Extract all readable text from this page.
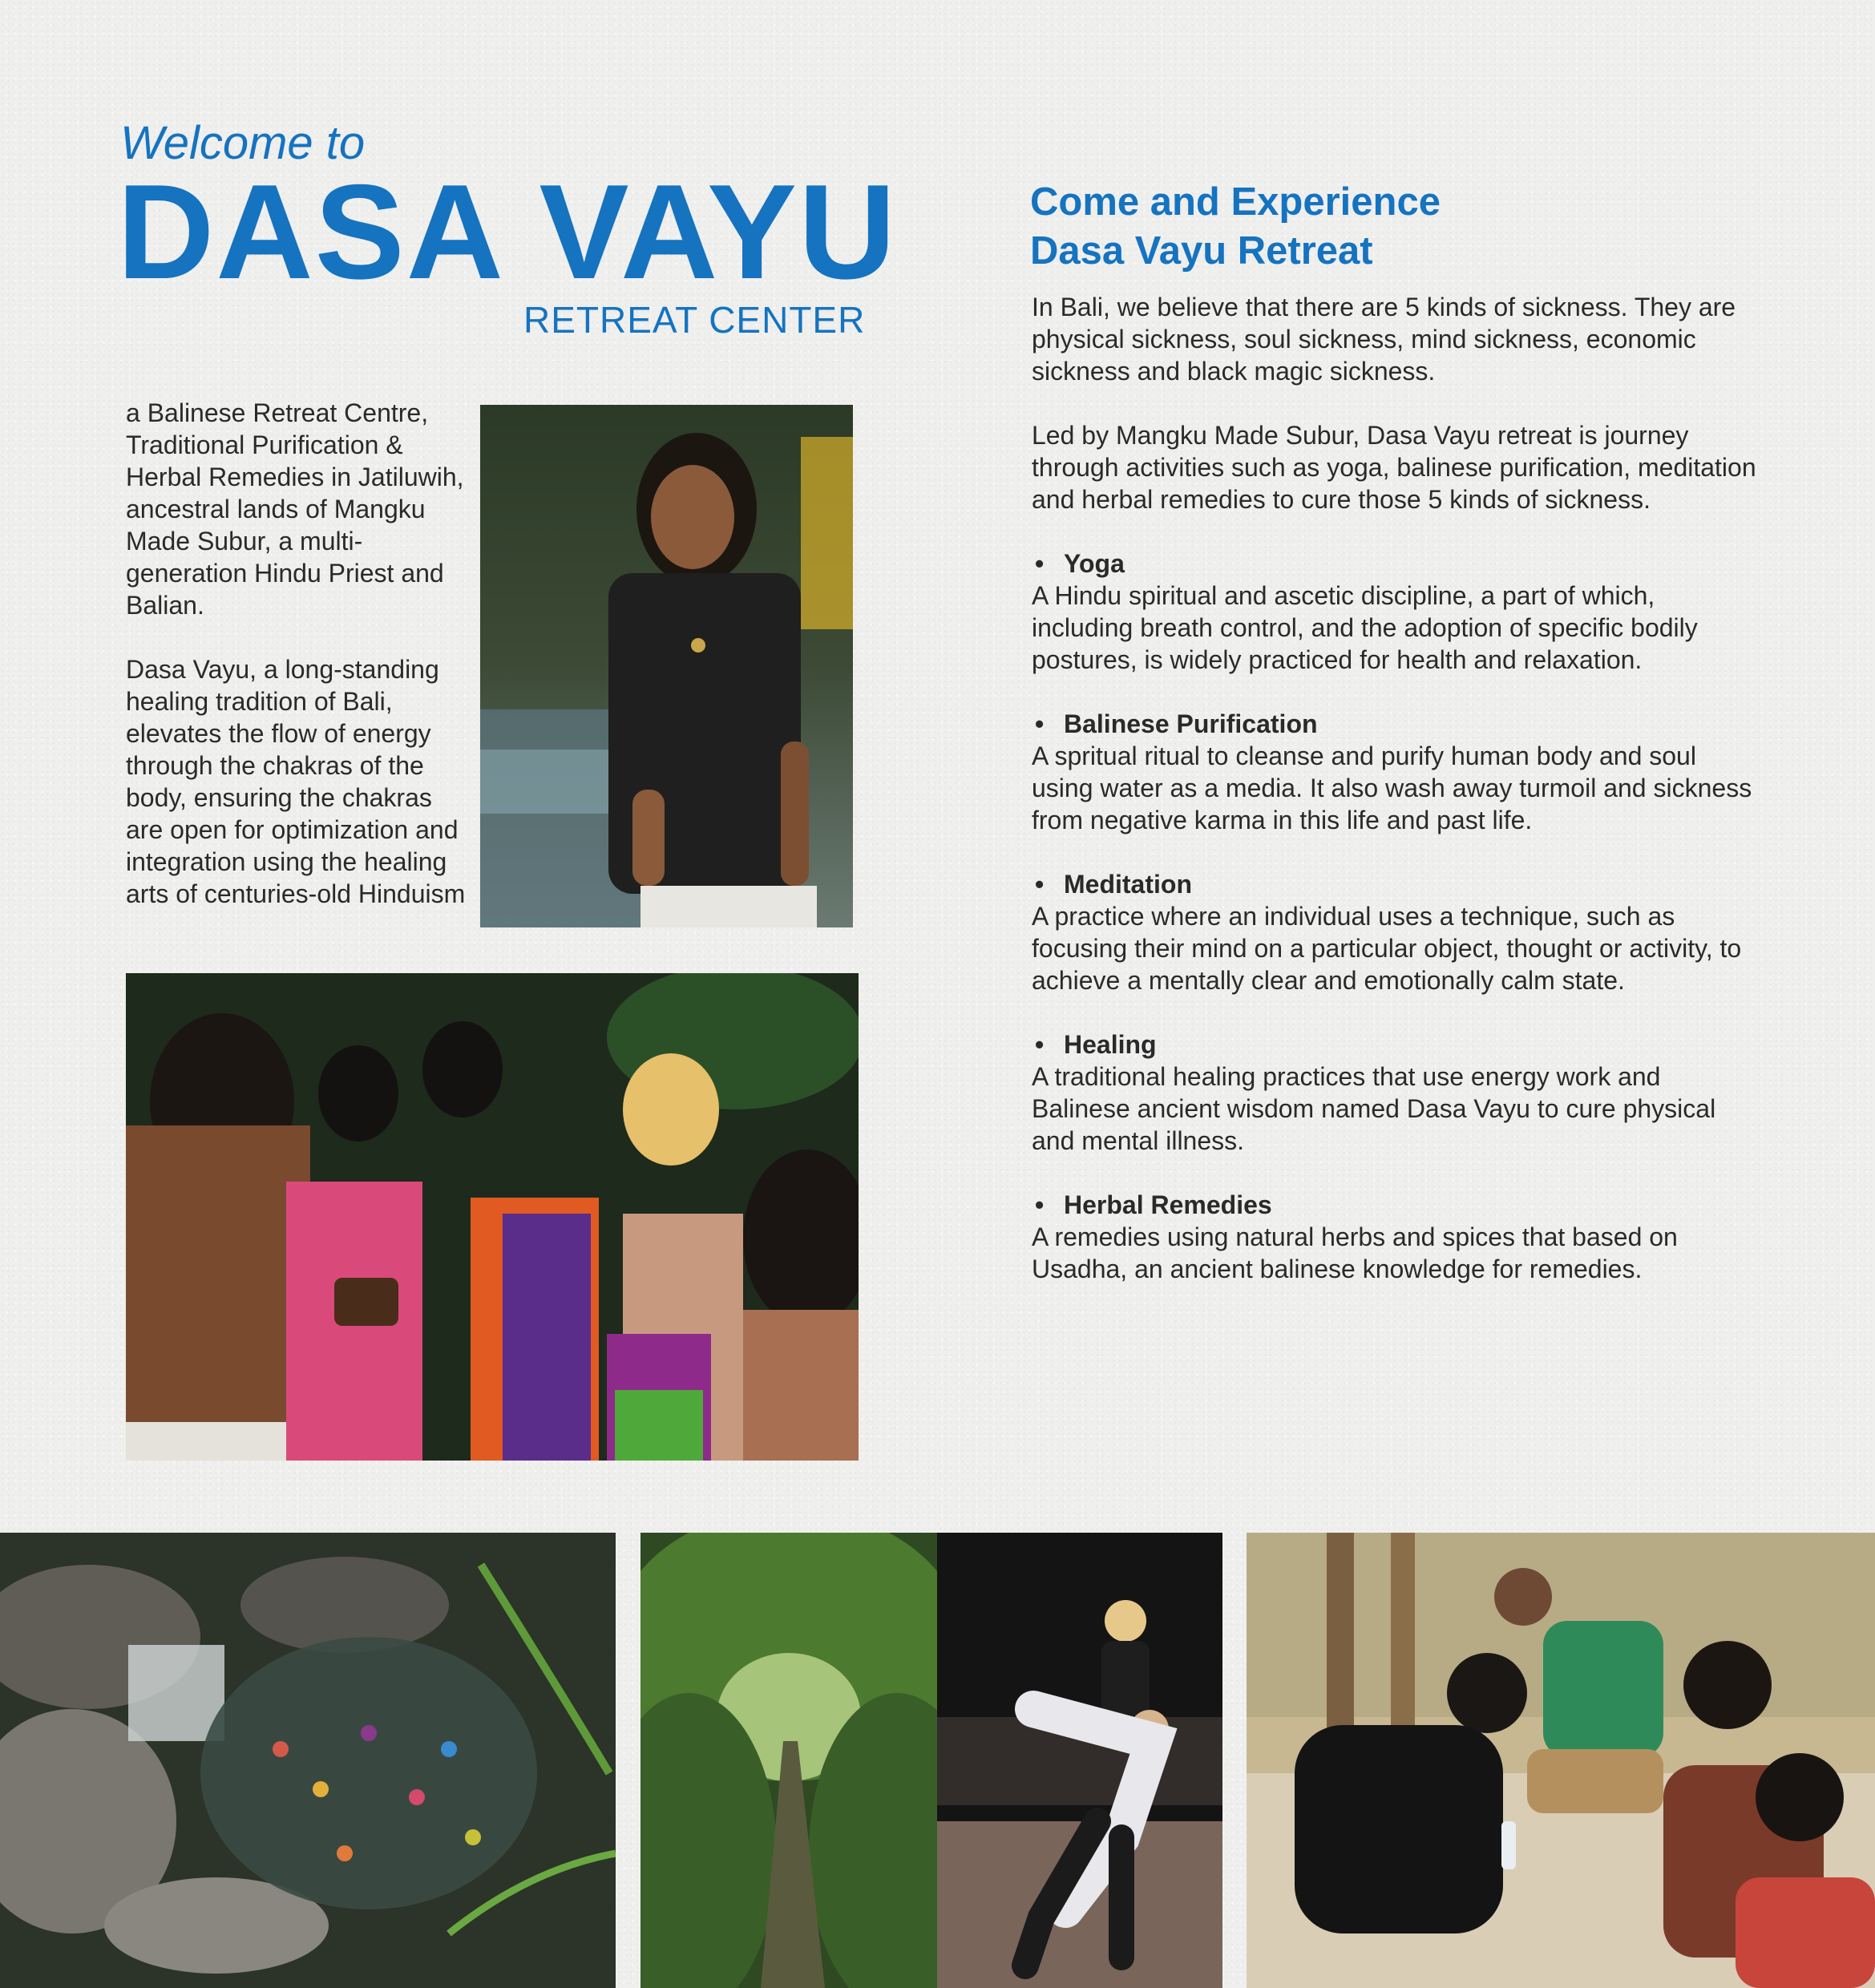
Welcome to
DASA VAYU
RETREAT CENTER

a Balinese Retreat Centre, Traditional Purification & Herbal Remedies in Jatiluwih, ancestral lands of Mangku Made Subur, a multi-generation Hindu Priest and Balian.

Dasa Vayu, a long-standing healing tradition of Bali, elevates the flow of energy through the chakras of the body, ensuring the chakras are open for optimization and integration using the healing arts of centuries-old Hinduism

Come and Experience
Dasa Vayu Retreat

In Bali, we believe that there are 5 kinds of sickness. They are physical sickness, soul sickness, mind sickness, economic sickness and black magic sickness.

Led by Mangku Made Subur, Dasa Vayu retreat is journey through activities such as yoga, balinese purification, meditation and herbal remedies to cure those 5 kinds of sickness.

• Yoga
A Hindu spiritual and ascetic discipline, a part of which, including breath control, and the adoption of specific bodily postures, is widely practiced for health and relaxation.
• Balinese Purification
A spritual ritual to cleanse and purify human body and soul using water as a media. It also wash away turmoil and sickness from negative karma in this life and past life.
• Meditation
A practice where an individual uses a technique, such as focusing their mind on a particular object, thought or activity, to achieve a mentally clear and emotionally calm state.
• Healing
A traditional healing practices that use energy work and Balinese ancient wisdom named Dasa Vayu to cure physical and mental illness.
• Herbal Remedies
A remedies using natural herbs and spices that based on Usadha, an ancient balinese knowledge for remedies.
